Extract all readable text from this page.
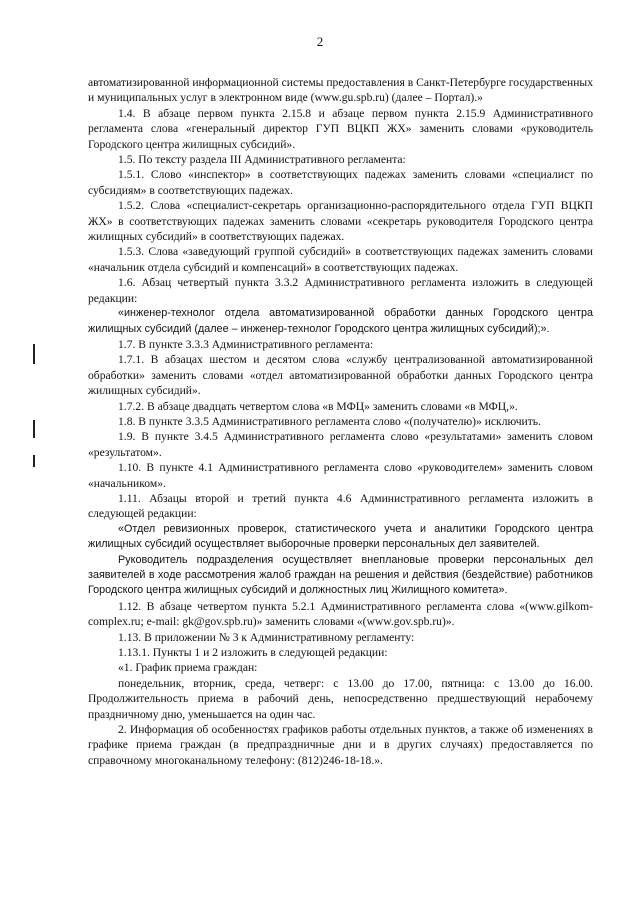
2

автоматизированной информационной системы предоставления в Санкт-Петербурге государственных и муниципальных услуг в электронном виде (www.gu.spb.ru) (далее – Портал).»

1.4. В абзаце первом пункта 2.15.8 и абзаце первом пункта 2.15.9 Административного регламента слова «генеральный директор ГУП ВЦКП ЖХ» заменить словами «руководитель Городского центра жилищных субсидий».

1.5. По тексту раздела III Административного регламента:

1.5.1. Слово «инспектор» в соответствующих падежах заменить словами «специалист по субсидиям» в соответствующих падежах.

1.5.2. Слова «специалист-секретарь организационно-распорядительного отдела ГУП ВЦКП ЖХ» в соответствующих падежах заменить словами «секретарь руководителя Городского центра жилищных субсидий» в соответствующих падежах.

1.5.3. Слова «заведующий группой субсидий» в соответствующих падежах заменить словами «начальник отдела субсидий и компенсаций» в соответствующих падежах.

1.6. Абзац четвертый пункта 3.3.2 Административного регламента изложить в следующей редакции:

«инженер-технолог отдела автоматизированной обработки данных Городского центра жилищных субсидий (далее – инженер-технолог Городского центра жилищных субсидий);».

1.7. В пункте 3.3.3 Административного регламента:

1.7.1. В абзацах шестом и десятом слова «службу централизованной автоматизированной обработки» заменить словами «отдел автоматизированной обработки данных Городского центра жилищных субсидий».

1.7.2. В абзаце двадцать четвертом слова «в МФЦ» заменить словами «в МФЦ,».

1.8. В пункте 3.3.5 Административного регламента слово «(получателю)» исключить.

1.9. В пункте 3.4.5 Административного регламента слово «результатами» заменить словом «результатом».

1.10. В пункте 4.1 Административного регламента слово «руководителем» заменить словом «начальником».

1.11. Абзацы второй и третий пункта 4.6 Административного регламента изложить в следующей редакции:

«Отдел ревизионных проверок, статистического учета и аналитики Городского центра жилищных субсидий осуществляет выборочные проверки персональных дел заявителей.

Руководитель подразделения осуществляет внеплановые проверки персональных дел заявителей в ходе рассмотрения жалоб граждан на решения и действия (бездействие) работников Городского центра жилищных субсидий и должностных лиц Жилищного комитета».

1.12. В абзаце четвертом пункта 5.2.1 Административного регламента слова «(www.gilkom-complex.ru; e-mail: gk@gov.spb.ru)» заменить словами «(www.gov.spb.ru)».

1.13. В приложении № 3 к Административному регламенту:

1.13.1. Пункты 1 и 2 изложить в следующей редакции:

«1. График приема граждан:

понедельник, вторник, среда, четверг: с 13.00 до 17.00, пятница: с 13.00 до 16.00. Продолжительность приема в рабочий день, непосредственно предшествующий нерабочему праздничному дню, уменьшается на один час.

2. Информация об особенностях графиков работы отдельных пунктов, а также об изменениях в графике приема граждан (в предпраздничные дни и в других случаях) предоставляется по справочному многоканальному телефону: (812)246-18-18.».
